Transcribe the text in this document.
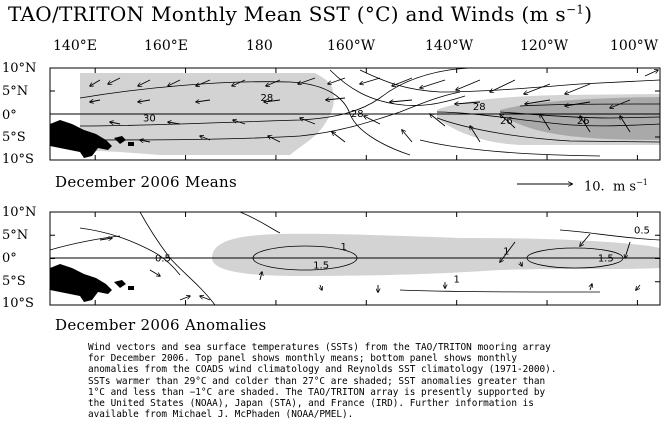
TAO/TRITON Monthly Mean SST (°C) and Winds (m $s^{-1}$)
140°E	160°E	180	160°W	140°W	120°W	100°W
10°N
5°N
0°
5°S
10°S
10°N
5°N
0°
5°S
10°S
December 2006 Means
December 2006 Anomalies
10. m $s^{-1}$
28
30	28
28
26	26
0.5
1
1.5
1
1
1.5
0.5
Wind vectors and sea surface temperatures (SSTs) from the TAO/TRITON mooring array
for December 2006. Top panel shows monthly means; bottom panel shows monthly
anomalies from the COADS wind climatology and Reynolds SST climatology (1971-2000).
SSTs warmer than 29°C and colder than 27°C are shaded; SST anomalies greater than
1°C and less than −1°C are shaded. The TAO/TRITON array is presently supported by
the United States (NOAA), Japan (STA), and France (IRD). Further information is
available from Michael J. McPhaden (NOAA/PMEL).
